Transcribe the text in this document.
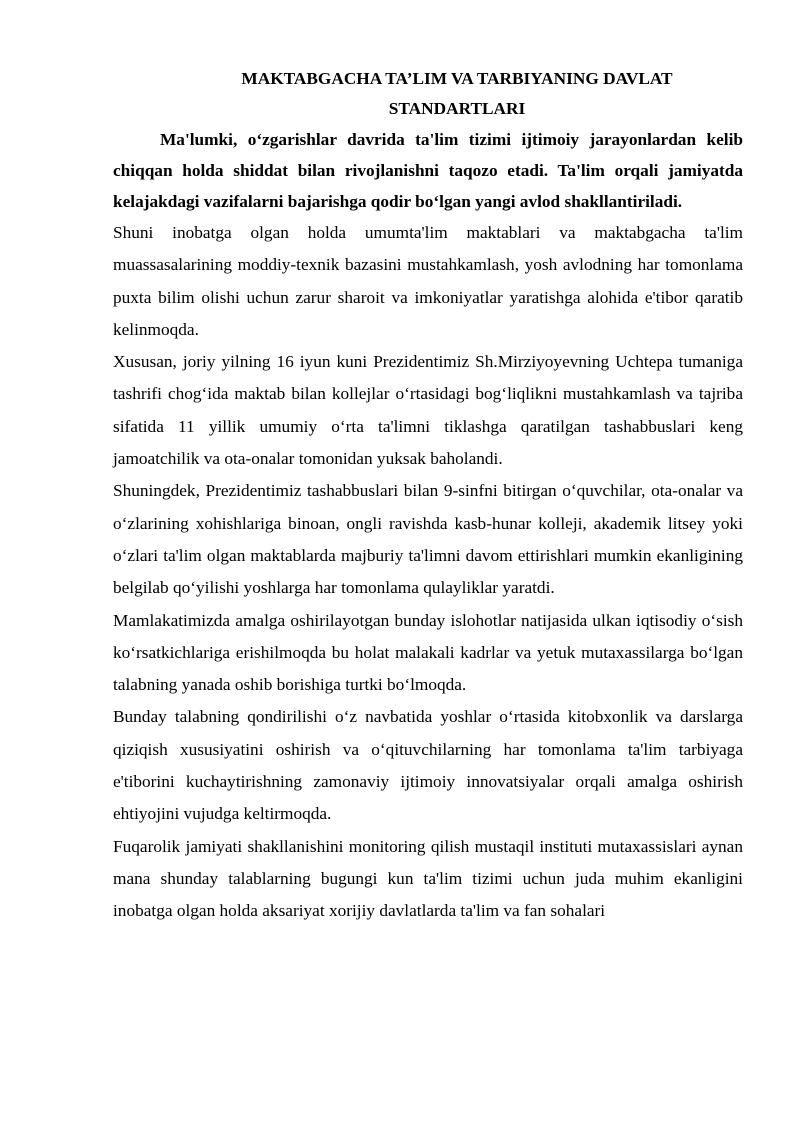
MAKTABGACHA TA’LIM VA TARBIYANING DAVLAT
STANDARTLARI

Ma'lumki, o‘zgarishlar davrida ta'lim tizimi ijtimoiy jarayonlardan kelib chiqqan holda shiddat bilan rivojlanishni taqozo etadi. Ta'lim orqali jamiyatda kelajakdagi vazifalarni bajarishga qodir bo‘lgan yangi avlod shakllantiriladi.

Shuni inobatga olgan holda umumta'lim maktablari va maktabgacha ta'lim muassasalarining moddiy-texnik bazasini mustahkamlash, yosh avlodning har tomonlama puxta bilim olishi uchun zarur sharoit va imkoniyatlar yaratishga alohida e'tibor qaratib kelinmoqda.

Xususan, joriy yilning 16 iyun kuni Prezidentimiz Sh.Mirziyoyevning Uchtepa tumaniga tashrifi chog‘ida maktab bilan kollejlar o‘rtasidagi bog‘liqlikni mustahkamlash va tajriba sifatida 11 yillik umumiy o‘rta ta'limni tiklashga qaratilgan tashabbuslari keng jamoatchilik va ota-onalar tomonidan yuksak baholandi.

Shuningdek, Prezidentimiz tashabbuslari bilan 9-sinfni bitirgan o‘quvchilar, ota-onalar va o‘zlarining xohishlariga binoan, ongli ravishda kasb-hunar kolleji, akademik litsey yoki o‘zlari ta'lim olgan maktablarda majburiy ta'limni davom ettirishlari mumkin ekanligining belgilab qo‘yilishi yoshlarga har tomonlama qulayliklar yaratdi.

Mamlakatimizda amalga oshirilayotgan bunday islohotlar natijasida ulkan iqtisodiy o‘sish ko‘rsatkichlariga erishilmoqda bu holat malakali kadrlar va yetuk mutaxassilarga bo‘lgan talabning yanada oshib borishiga turtki bo‘lmoqda.

Bunday talabning qondirilishi o‘z navbatida yoshlar o‘rtasida kitobxonlik va darslarga qiziqish xususiyatini oshirish va o‘qituvchilarning har tomonlama ta'lim tarbiyaga e'tiborini kuchaytirishning zamonaviy ijtimoiy innovatsiyalar orqali amalga oshirish ehtiyojini vujudga keltirmoqda.

Fuqarolik jamiyati shakllanishini monitoring qilish mustaqil instituti mutaxassislari aynan mana shunday talablarning bugungi kun ta'lim tizimi uchun juda muhim ekanligini inobatga olgan holda aksariyat xorijiy davlatlarda ta'lim va fan sohalari
